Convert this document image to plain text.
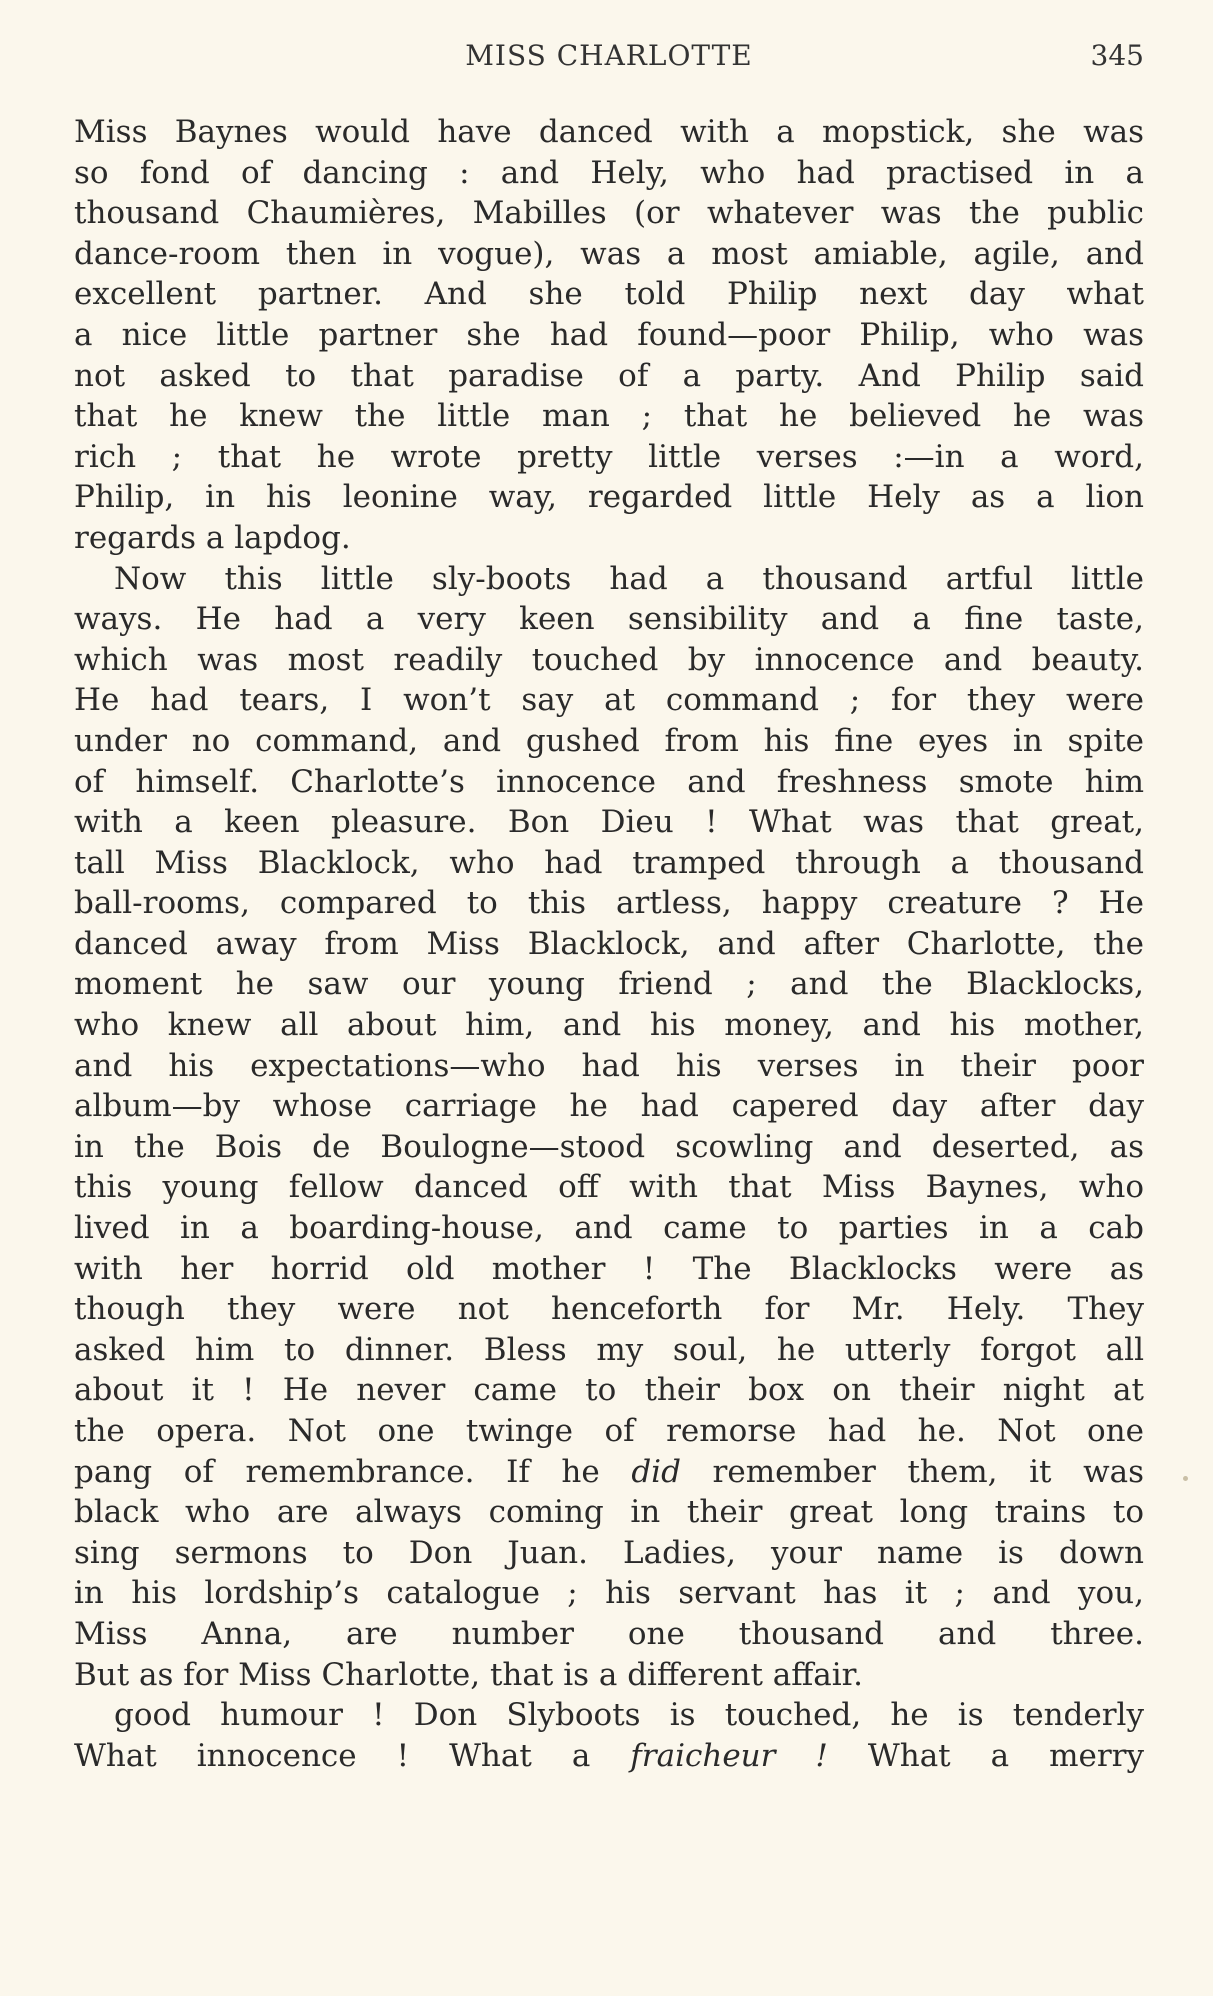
MISS CHARLOTTE	345
Miss Baynes would have danced with a mopstick, she was
so fond of dancing : and Hely, who had practised in a
thousand Chaumières, Mabilles (or whatever was the public
dance-room then in vogue), was a most amiable, agile, and
excellent partner. And she told Philip next day what
a nice little partner she had found—poor Philip, who was
not asked to that paradise of a party. And Philip said
that he knew the little man ; that he believed he was
rich ; that he wrote pretty little verses :—in a word,
Philip, in his leonine way, regarded little Hely as a lion
regards a lapdog.
Now this little sly-boots had a thousand artful little
ways. He had a very keen sensibility and a fine taste,
which was most readily touched by innocence and beauty.
He had tears, I won’t say at command ; for they were
under no command, and gushed from his fine eyes in spite
of himself. Charlotte’s innocence and freshness smote him
with a keen pleasure. Bon Dieu ! What was that great,
tall Miss Blacklock, who had tramped through a thousand
ball-rooms, compared to this artless, happy creature ? He
danced away from Miss Blacklock, and after Charlotte, the
moment he saw our young friend ; and the Blacklocks,
who knew all about him, and his money, and his mother,
and his expectations—who had his verses in their poor
album—by whose carriage he had capered day after day
in the Bois de Boulogne—stood scowling and deserted, as
this young fellow danced off with that Miss Baynes, who
lived in a boarding-house, and came to parties in a cab
with her horrid old mother ! The Blacklocks were as
though they were not henceforth for Mr. Hely. They
asked him to dinner. Bless my soul, he utterly forgot all
about it ! He never came to their box on their night at
the opera. Not one twinge of remorse had he. Not one
pang of remembrance. If he did remember them, it was
black who are always coming in their great long trains to
sing sermons to Don Juan. Ladies, your name is down
in his lordship’s catalogue ; his servant has it ; and you,
Miss Anna, are number one thousand and three.
But as for Miss Charlotte, that is a different affair.
good humour ! Don Slyboots is touched, he is tenderly
What innocence ! What a fraicheur ! What a merry
